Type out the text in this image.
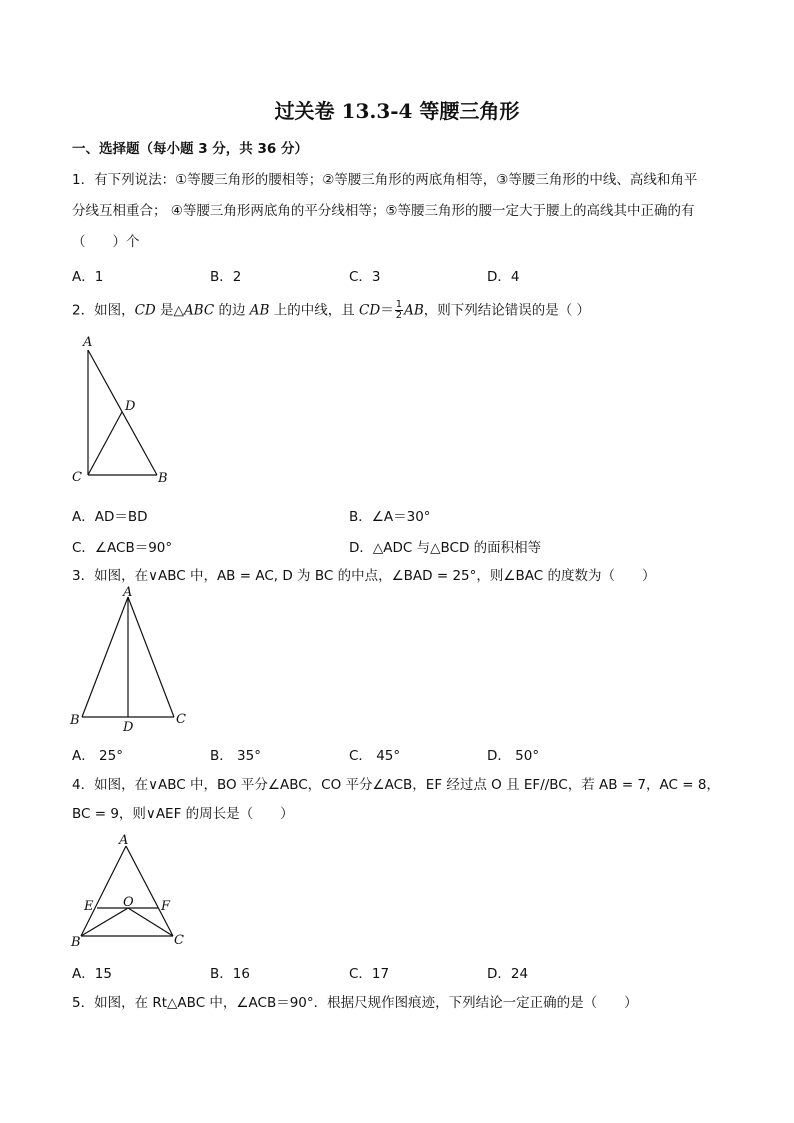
过关卷 13.3-4 等腰三角形
一、选择题（每小题 3 分，共 36 分）
1．有下列说法：①等腰三角形的腰相等；②等腰三角形的两底角相等，③等腰三角形的中线、高线和角平
分线互相重合； ④等腰三角形两底角的平分线相等；⑤等腰三角形的腰一定大于腰上的高线其中正确的有
（　　）个
A．1	B．2	C．3	D．4
2．如图，CD 是△ABC 的边 AB 上的中线，且 $CD= \frac{1}{2}$ AB，则下列结论错误的是（ ）
A
D
C	B
A．AD＝BD	B．∠A＝30°
C．∠ACB＝90°	D．△ADC 与△BCD 的面积相等
3．如图，在∨ABC 中，AB = AC, D 为 BC 的中点，∠BAD = 25°，则∠BAC 的度数为（　　）
A
B	D
C
A． 25°	B． 35°	C． 45°	D． 50°
4．如图，在∨ABC 中，BO 平分∠ABC，CO 平分∠ACB，EF 经过点 O 且 EF//BC，若 AB = 7，AC = 8，
BC = 9，则∨AEF 的周长是（　　）
A
E O F
B	C
A．15	B．16	C．17	D．24
5．如图，在 Rt△ABC 中，∠ACB＝90°．根据尺规作图痕迹，下列结论一定正确的是（　　）
